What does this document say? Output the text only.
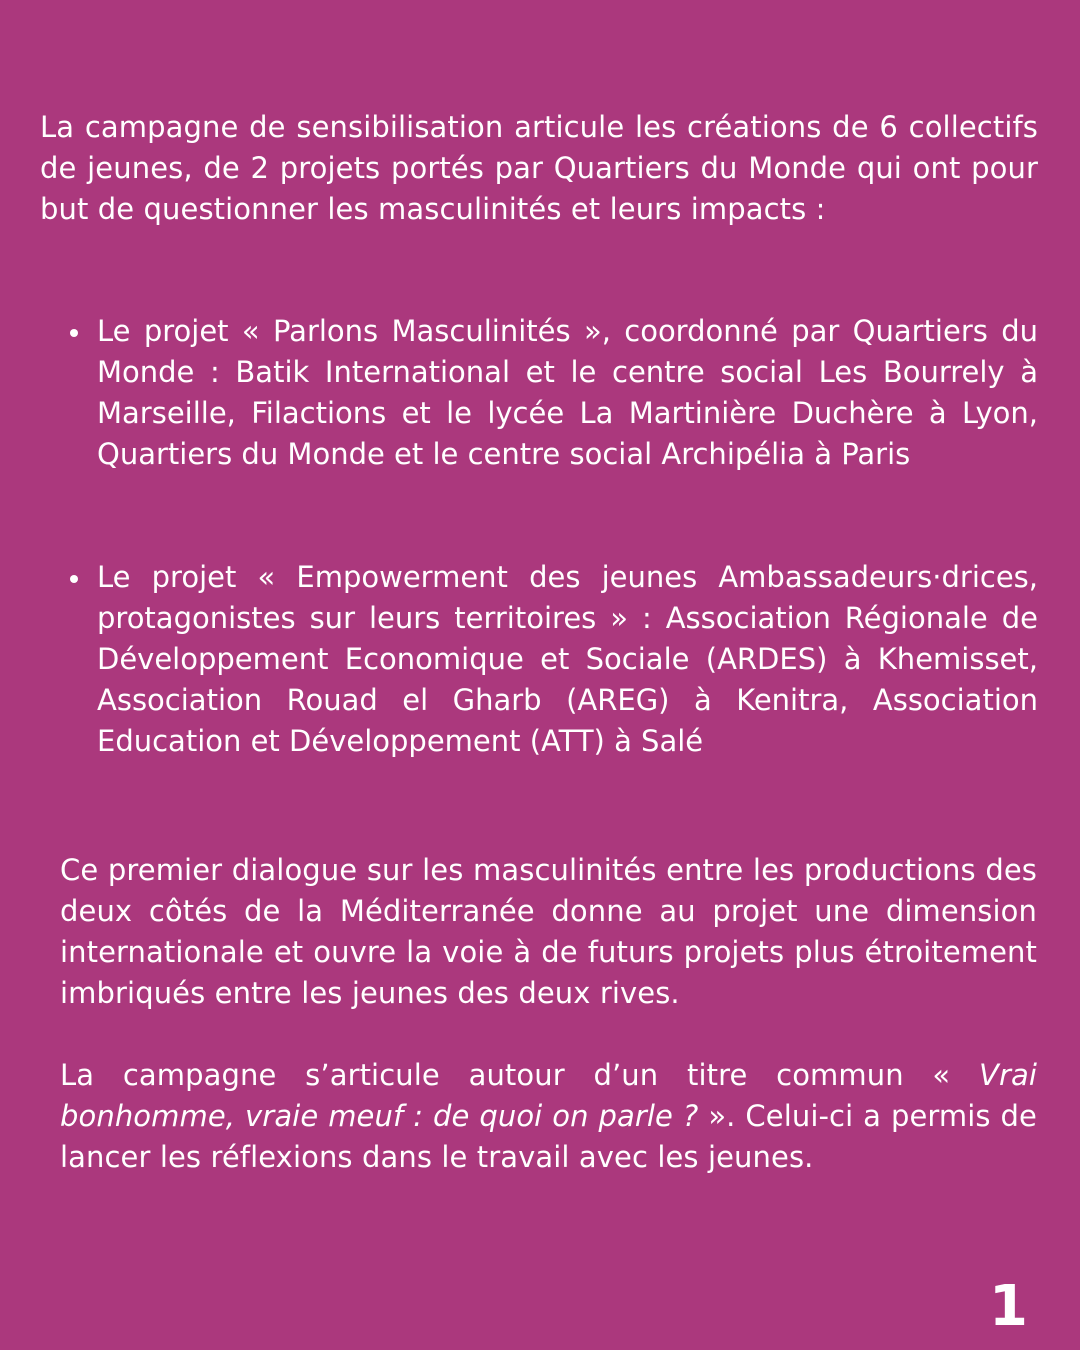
La campagne de sensibilisation articule les créations de 6 collectifs de jeunes, de 2 projets portés par Quartiers du Monde qui ont pour but de questionner les masculinités et leurs impacts :

Le projet « Parlons Masculinités », coordonné par Quartiers du Monde : Batik International et le centre social Les Bourrely à Marseille, Filactions et le lycée La Martinière Duchère à Lyon, Quartiers du Monde et le centre social Archipélia à Paris
Le projet « Empowerment des jeunes Ambassadeurs·drices, protagonistes sur leurs territoires » : Association Régionale de Développement Economique et Sociale (ARDES) à Khemisset, Association Rouad el Gharb (AREG) à Kenitra, Association Education et Développement (ATT) à Salé

Ce premier dialogue sur les masculinités entre les productions des deux côtés de la Méditerranée donne au projet une dimension internationale et ouvre la voie à de futurs projets plus étroitement imbriqués entre les jeunes des deux rives.

La campagne s’articule autour d’un titre commun « Vrai bonhomme, vraie meuf : de quoi on parle ? ». Celui-ci a permis de lancer les réflexions dans le travail avec les jeunes.

1
